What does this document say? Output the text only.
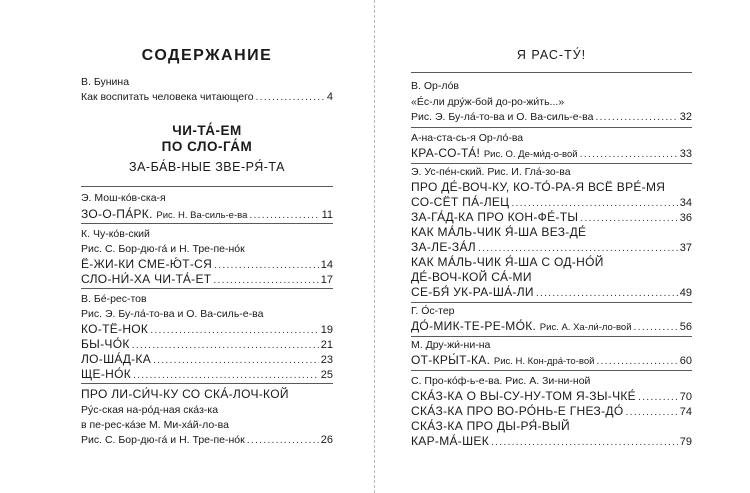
СОДЕРЖАНИЕ
В. Бунина
Как воспитать человека читающего .....	4
ЧИ-ТА́-ЕМ
ПО СЛО-ГА́М
ЗА-БА́В-НЫЕ ЗВЕ-РЯ́-ТА
Э. Мош-ко́в-ска-я
ЗО-О-ПА́РК. Рис. Н. Ва-силь-е-ва .....	11
К. Чу-ко́в-ский
Рис. С. Бор-дю-га́ и Н. Тре-пе-но́к
Ё-ЖИ-КИ СМЕ-Ю́Т-СЯ .....	14
СЛО-НИ́-ХА ЧИ-ТА́-ЕТ .....	17
В. Бе́-рес-тов
Рис. Э. Бу-ла́-то-ва и О. Ва-силь-е-ва
КО-ТЁ-НОК .....	19
БЫ-ЧО́К .....	21
ЛО-ША́Д-КА .....	23
ЩЕ-НО́К .....	25
ПРО ЛИ-СИ́Ч-КУ СО СКА́-ЛОЧ-КОЙ
Ру́с-ская на-ро́д-ная ска́з-ка
в пе-рес-ка́зе М. Ми-ха́й-ло-ва
Рис. С. Бор-дю-га́ и Н. Тре-пе-но́к .....	26
Я РАС-ТУ́!
В. Ор-ло́в
«Е́с-ли дру́ж-бой до-ро-жи́ть...»
Рис. Э. Бу-ла́-то-ва и О. Ва-силь-е-ва .....	32
А-на-ста-сь-я Ор-ло́-ва
КРА-СО-ТА́! Рис. О. Де-ми́д-о-вой .....	33
Э. Ус-пе́н-ский. Рис. И. Гла́-зо-ва
ПРО ДЕ́-ВОЧ-КУ, КО-ТО́-РА-Я ВСЁ ВРЕ́-МЯ
СО-СЁТ ПА́-ЛЕЦ .....	34
ЗА-ГА́Д-КА ПРО КОН-ФЕ́-ТЫ .....	36
КАК МА́ЛЬ-ЧИК Я́-ША ВЕЗ-ДЕ́
ЗА-ЛЕ-ЗА́Л .....	37
КАК МА́ЛЬ-ЧИК Я́-ША С ОД-НО́Й
ДЕ́-ВОЧ-КОЙ СА́-МИ
СЕ-БЯ́ УК-РА-ША́-ЛИ .....	49
Г. О́с-тер
ДО́-МИК-ТЕ-РЕ-МО́К. Рис. А. Ха-ли́-ло-вой .....	56
М. Дру-жи́-ни-на
ОТ-КРЫ́Т-КА. Рис. Н. Кон-дра́-то-вой .....	60
С. Про-ко́ф-ь-е-ва. Рис. А. Зи-ни-ной
СКА́З-КА О ВЫ-СУ-НУ-ТОМ Я-ЗЫ-ЧКЕ́ .....	70
СКА́З-КА ПРО ВО-РО́НЬ-Е ГНЕЗ-ДО́ .....	74
СКА́З-КА ПРО ДЫ-РЯ́-ВЫЙ
КАР-МА́-ШЕК .....	79
